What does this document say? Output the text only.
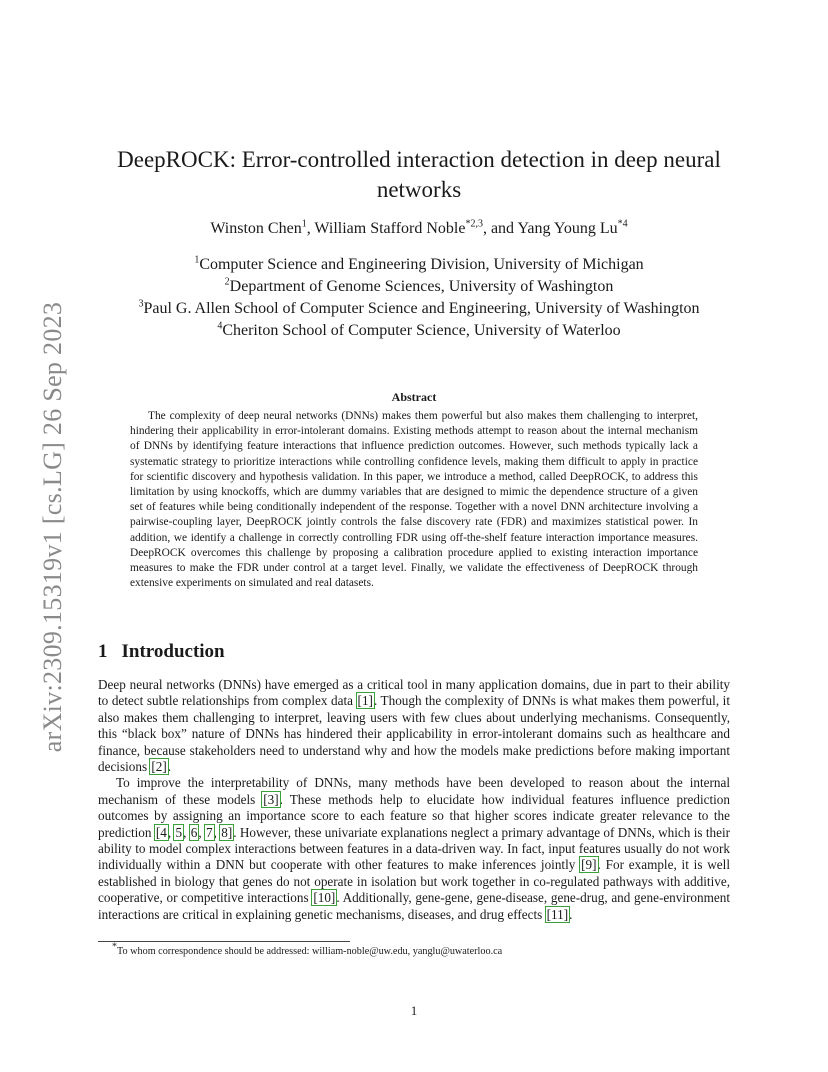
arXiv:2309.15319v1 [cs.LG] 26 Sep 2023
DeepROCK: Error-controlled interaction detection in deep neural networks
Winston Chen$^1$, William Stafford Noble$^{*2,3}$, and Yang Young Lu$^{*4}$
$^1$Computer Science and Engineering Division, University of Michigan
$^2$Department of Genome Sciences, University of Washington
$^3$Paul G. Allen School of Computer Science and Engineering, University of Washington
$^4$Cheriton School of Computer Science, University of Waterloo
Abstract
The complexity of deep neural networks (DNNs) makes them powerful but also makes them challenging to interpret, hindering their applicability in error-intolerant domains. Existing methods attempt to reason about the internal mechanism of DNNs by identifying feature interactions that influence prediction outcomes. However, such methods typically lack a systematic strategy to prioritize interactions while controlling confidence levels, making them difficult to apply in practice for scientific discovery and hypothesis validation. In this paper, we introduce a method, called DeepROCK, to address this limitation by using knockoffs, which are dummy variables that are designed to mimic the dependence structure of a given set of features while being conditionally independent of the response. Together with a novel DNN architecture involving a pairwise-coupling layer, DeepROCK jointly controls the false discovery rate (FDR) and maximizes statistical power. In addition, we identify a challenge in correctly controlling FDR using off-the-shelf feature interaction importance measures. DeepROCK overcomes this challenge by proposing a calibration procedure applied to existing interaction importance measures to make the FDR under control at a target level. Finally, we validate the effectiveness of DeepROCK through extensive experiments on simulated and real datasets.
1 Introduction

Deep neural networks (DNNs) have emerged as a critical tool in many application domains, due in part to their ability to detect subtle relationships from complex data [1]. Though the complexity of DNNs is what makes them powerful, it also makes them challenging to interpret, leaving users with few clues about underlying mechanisms. Consequently, this “black box” nature of DNNs has hindered their applicability in error-intolerant domains such as healthcare and finance, because stakeholders need to understand why and how the models make predictions before making important decisions [2].

To improve the interpretability of DNNs, many methods have been developed to reason about the internal mechanism of these models [3]. These methods help to elucidate how individual features influence prediction outcomes by assigning an importance score to each feature so that higher scores indicate greater relevance to the prediction [4, 5, 6, 7, 8]. However, these univariate explanations neglect a primary advantage of DNNs, which is their ability to model complex interactions between features in a data-driven way. In fact, input features usually do not work individually within a DNN but cooperate with other features to make inferences jointly [9]. For example, it is well established in biology that genes do not operate in isolation but work together in co-regulated pathways with additive, cooperative, or competitive interactions [10]. Additionally, gene-gene, gene-disease, gene-drug, and gene-environment interactions are critical in explaining genetic mechanisms, diseases, and drug effects [11].

*To whom correspondence should be addressed: william-noble@uw.edu, yanglu@uwaterloo.ca
1
